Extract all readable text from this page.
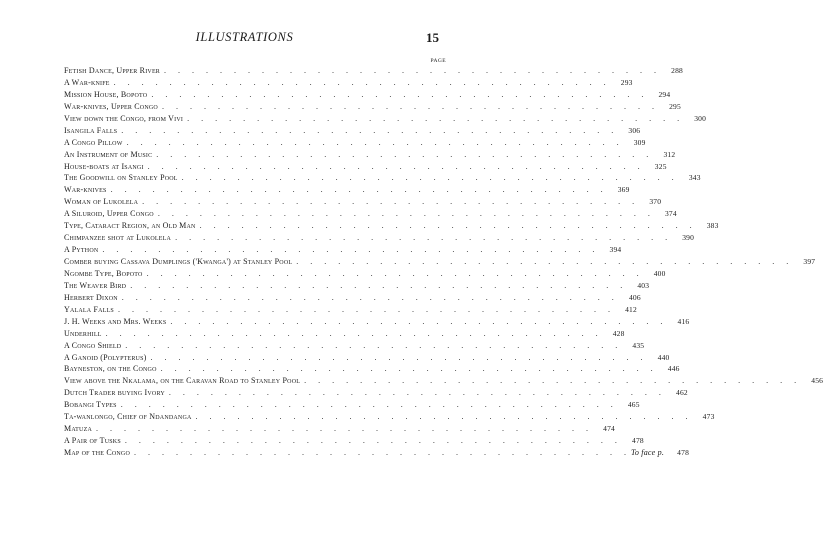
ILLUSTRATIONS	15
PAGE
Fetish Dance, Upper River . . . . . . . . . . . . . . . . . . . . . . . . . . . . . . . . . . . .	288
A War-knife . . . . . . . . . . . . . . . . . . . . . . . . . . . . . . . . . . . .	293
Mission House, Bopoto . . . . . . . . . . . . . . . . . . . . . . . . . . . . . . . . . . . .	294
War-knives, Upper Congo . . . . . . . . . . . . . . . . . . . . . . . . . . . . . . . . . . . .	295
View down the Congo, from Vivi . . . . . . . . . . . . . . . . . . . . . . . . . . . . . . . . . . . .	300
Isangila Falls . . . . . . . . . . . . . . . . . . . . . . . . . . . . . . . . . . . .	306
A Congo Pillow . . . . . . . . . . . . . . . . . . . . . . . . . . . . . . . . . . . .	309
An Instrument of Music . . . . . . . . . . . . . . . . . . . . . . . . . . . . . . . . . . . .	312
House-boats at Isangi . . . . . . . . . . . . . . . . . . . . . . . . . . . . . . . . . . . .	325
The Goodwill on Stanley Pool . . . . . . . . . . . . . . . . . . . . . . . . . . . . . . . . . . . .	343
War-knives . . . . . . . . . . . . . . . . . . . . . . . . . . . . . . . . . . . .	369
Woman of Lukolela . . . . . . . . . . . . . . . . . . . . . . . . . . . . . . . . . . . .	370
A Siluroid, Upper Congo . . . . . . . . . . . . . . . . . . . . . . . . . . . . . . . . . . . .	374
Type, Cataract Region, an Old Man . . . . . . . . . . . . . . . . . . . . . . . . . . . . . . . . . . . .	383
Chimpanzee shot at Lukolela . . . . . . . . . . . . . . . . . . . . . . . . . . . . . . . . . . . .	390
A Python . . . . . . . . . . . . . . . . . . . . . . . . . . . . . . . . . . . .	394
Comber buying Cassava Dumplings ('Kwanga') at Stanley Pool . . . . . . . . . . . . . . . . . . . . . . . . . . . . . . . . . . . .	397
Ngombe Type, Bopoto . . . . . . . . . . . . . . . . . . . . . . . . . . . . . . . . . . . .	400
The Weaver Bird . . . . . . . . . . . . . . . . . . . . . . . . . . . . . . . . . . . .	403
Herbert Dixon . . . . . . . . . . . . . . . . . . . . . . . . . . . . . . . . . . . .	406
Yalala Falls . . . . . . . . . . . . . . . . . . . . . . . . . . . . . . . . . . . .	412
J. H. Weeks and Mrs. Weeks . . . . . . . . . . . . . . . . . . . . . . . . . . . . . . . . . . . .	416
Underhill . . . . . . . . . . . . . . . . . . . . . . . . . . . . . . . . . . . .	428
A Congo Shield . . . . . . . . . . . . . . . . . . . . . . . . . . . . . . . . . . . .	435
A Ganoid (Polypterus) . . . . . . . . . . . . . . . . . . . . . . . . . . . . . . . . . . . .	440
Bayneston, on the Congo . . . . . . . . . . . . . . . . . . . . . . . . . . . . . . . . . . . .	446
View above the Nkalama, on the Caravan Road to Stanley Pool . . . . . . . . . . . . . . . . . . . . . . . . . . . . . . . . . . . .	456
Dutch Trader buying Ivory . . . . . . . . . . . . . . . . . . . . . . . . . . . . . . . . . . . .	462
Bobangi Types . . . . . . . . . . . . . . . . . . . . . . . . . . . . . . . . . . . .	465
Ta-wanlongo, Chief of Ndandanga . . . . . . . . . . . . . . . . . . . . . . . . . . . . . . . . . . . .	473
Matuza . . . . . . . . . . . . . . . . . . . . . . . . . . . . . . . . . . . .	474
A Pair of Tusks . . . . . . . . . . . . . . . . . . . . . . . . . . . . . . . . . . . .	478
Map of the Congo . . . . . . . . . . . . . . . . . . . . . . . . . . . . . . . . . . . . To face p.	478
